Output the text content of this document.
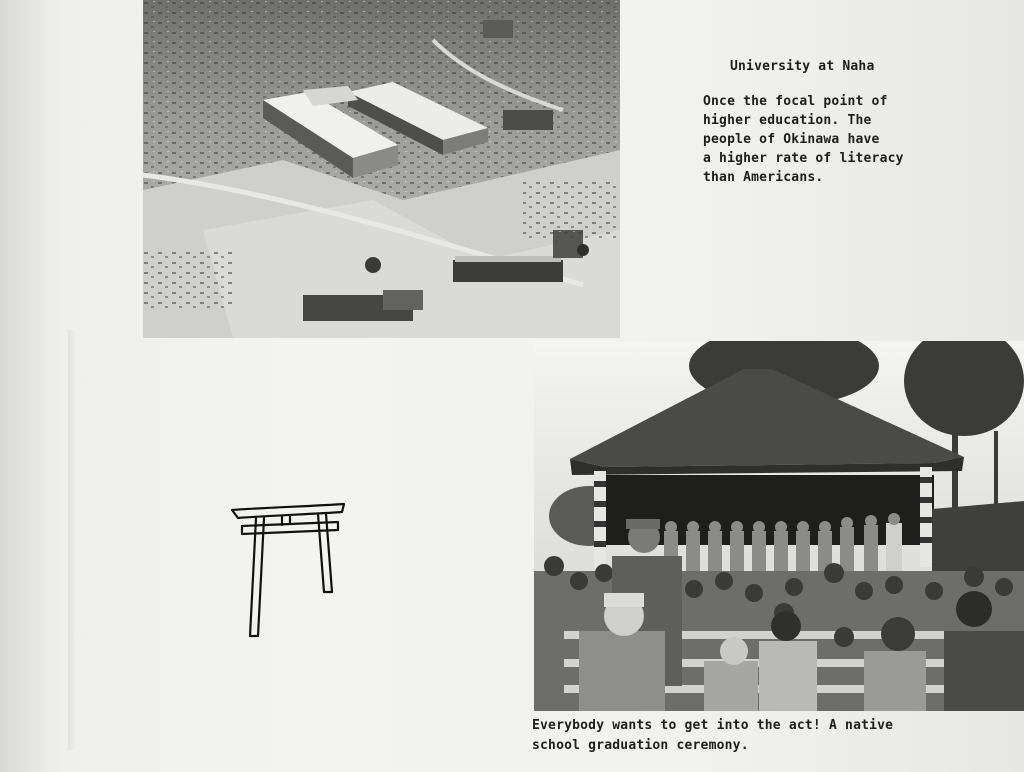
University at Naha
Once the focal point of
higher education. The
people of Okinawa have
a higher rate of literacy
than Americans.
Everybody wants to get into the act! A native
school graduation ceremony.
